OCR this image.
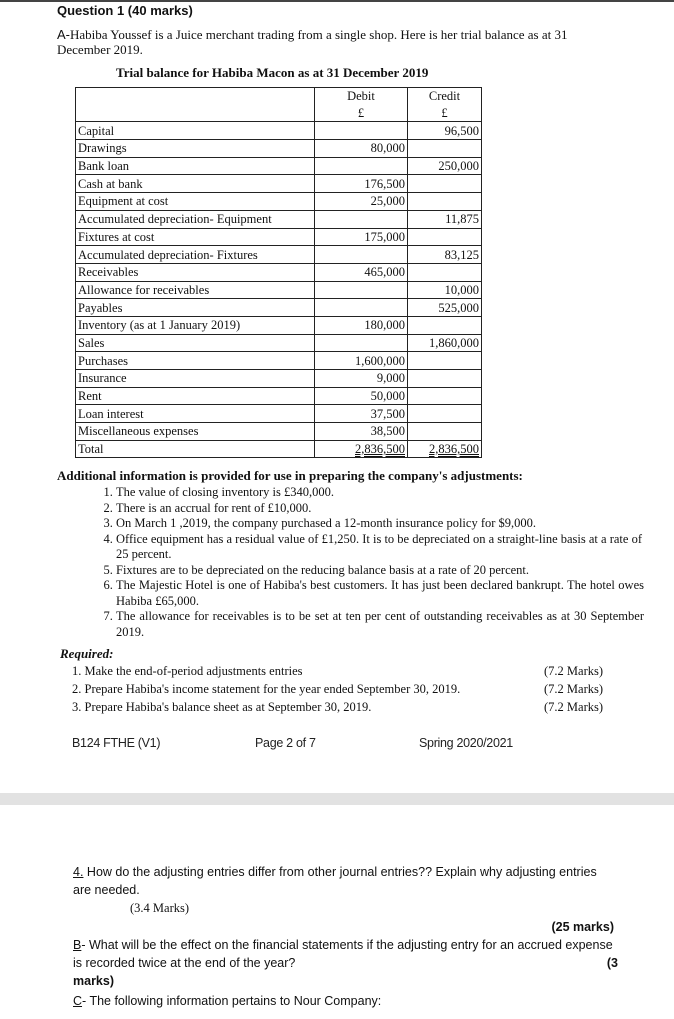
Question 1 (40 marks)
A-Habiba Youssef is a Juice merchant trading from a single shop. Here is her trial balance as at 31 December 2019.
Trial balance for Habiba Macon as at 31 December 2019
	Debit	Credit
	£	£
Capital		96,500
Drawings	80,000	
Bank loan		250,000
Cash at bank	176,500	
Equipment at cost	25,000	
Accumulated depreciation- Equipment		11,875
Fixtures at cost	175,000	
Accumulated depreciation- Fixtures		83,125
Receivables	465,000	
Allowance for receivables		10,000
Payables		525,000
Inventory (as at 1 January 2019)	180,000	
Sales		1,860,000
Purchases	1,600,000	
Insurance	9,000	
Rent	50,000	
Loan interest	37,500	
Miscellaneous expenses	38,500	
Total	2,836,500	2,836,500
Additional information is provided for use in preparing the company's adjustments:
1. The value of closing inventory is £340,000.
2. There is an accrual for rent of £10,000.
3. On March 1 ,2019, the company purchased a 12-month insurance policy for $9,000.
4. Office equipment has a residual value of £1,250. It is to be depreciated on a straight-line basis at a rate of 25 percent.
5. Fixtures are to be depreciated on the reducing balance basis at a rate of 20 percent.
6. The Majestic Hotel is one of Habiba's best customers. It has just been declared bankrupt. The hotel owes Habiba £65,000.
7. The allowance for receivables is to be set at ten per cent of outstanding receivables as at 30 September 2019.
Required:
1. Make the end-of-period adjustments entries	(7.2 Marks)
2. Prepare Habiba's income statement for the year ended September 30, 2019.	(7.2 Marks)
3. Prepare Habiba's balance sheet as at September 30, 2019.	(7.2 Marks)
B124 FTHE (V1)	Page 2 of 7	Spring 2020/2021
4. How do the adjusting entries differ from other journal entries?? Explain why adjusting entries are needed.
(3.4 Marks)
(25 marks)
B- What will be the effect on the financial statements if the adjusting entry for an accrued expense is recorded twice at the end of the year?	(3

marks)
C- The following information pertains to Nour Company:
